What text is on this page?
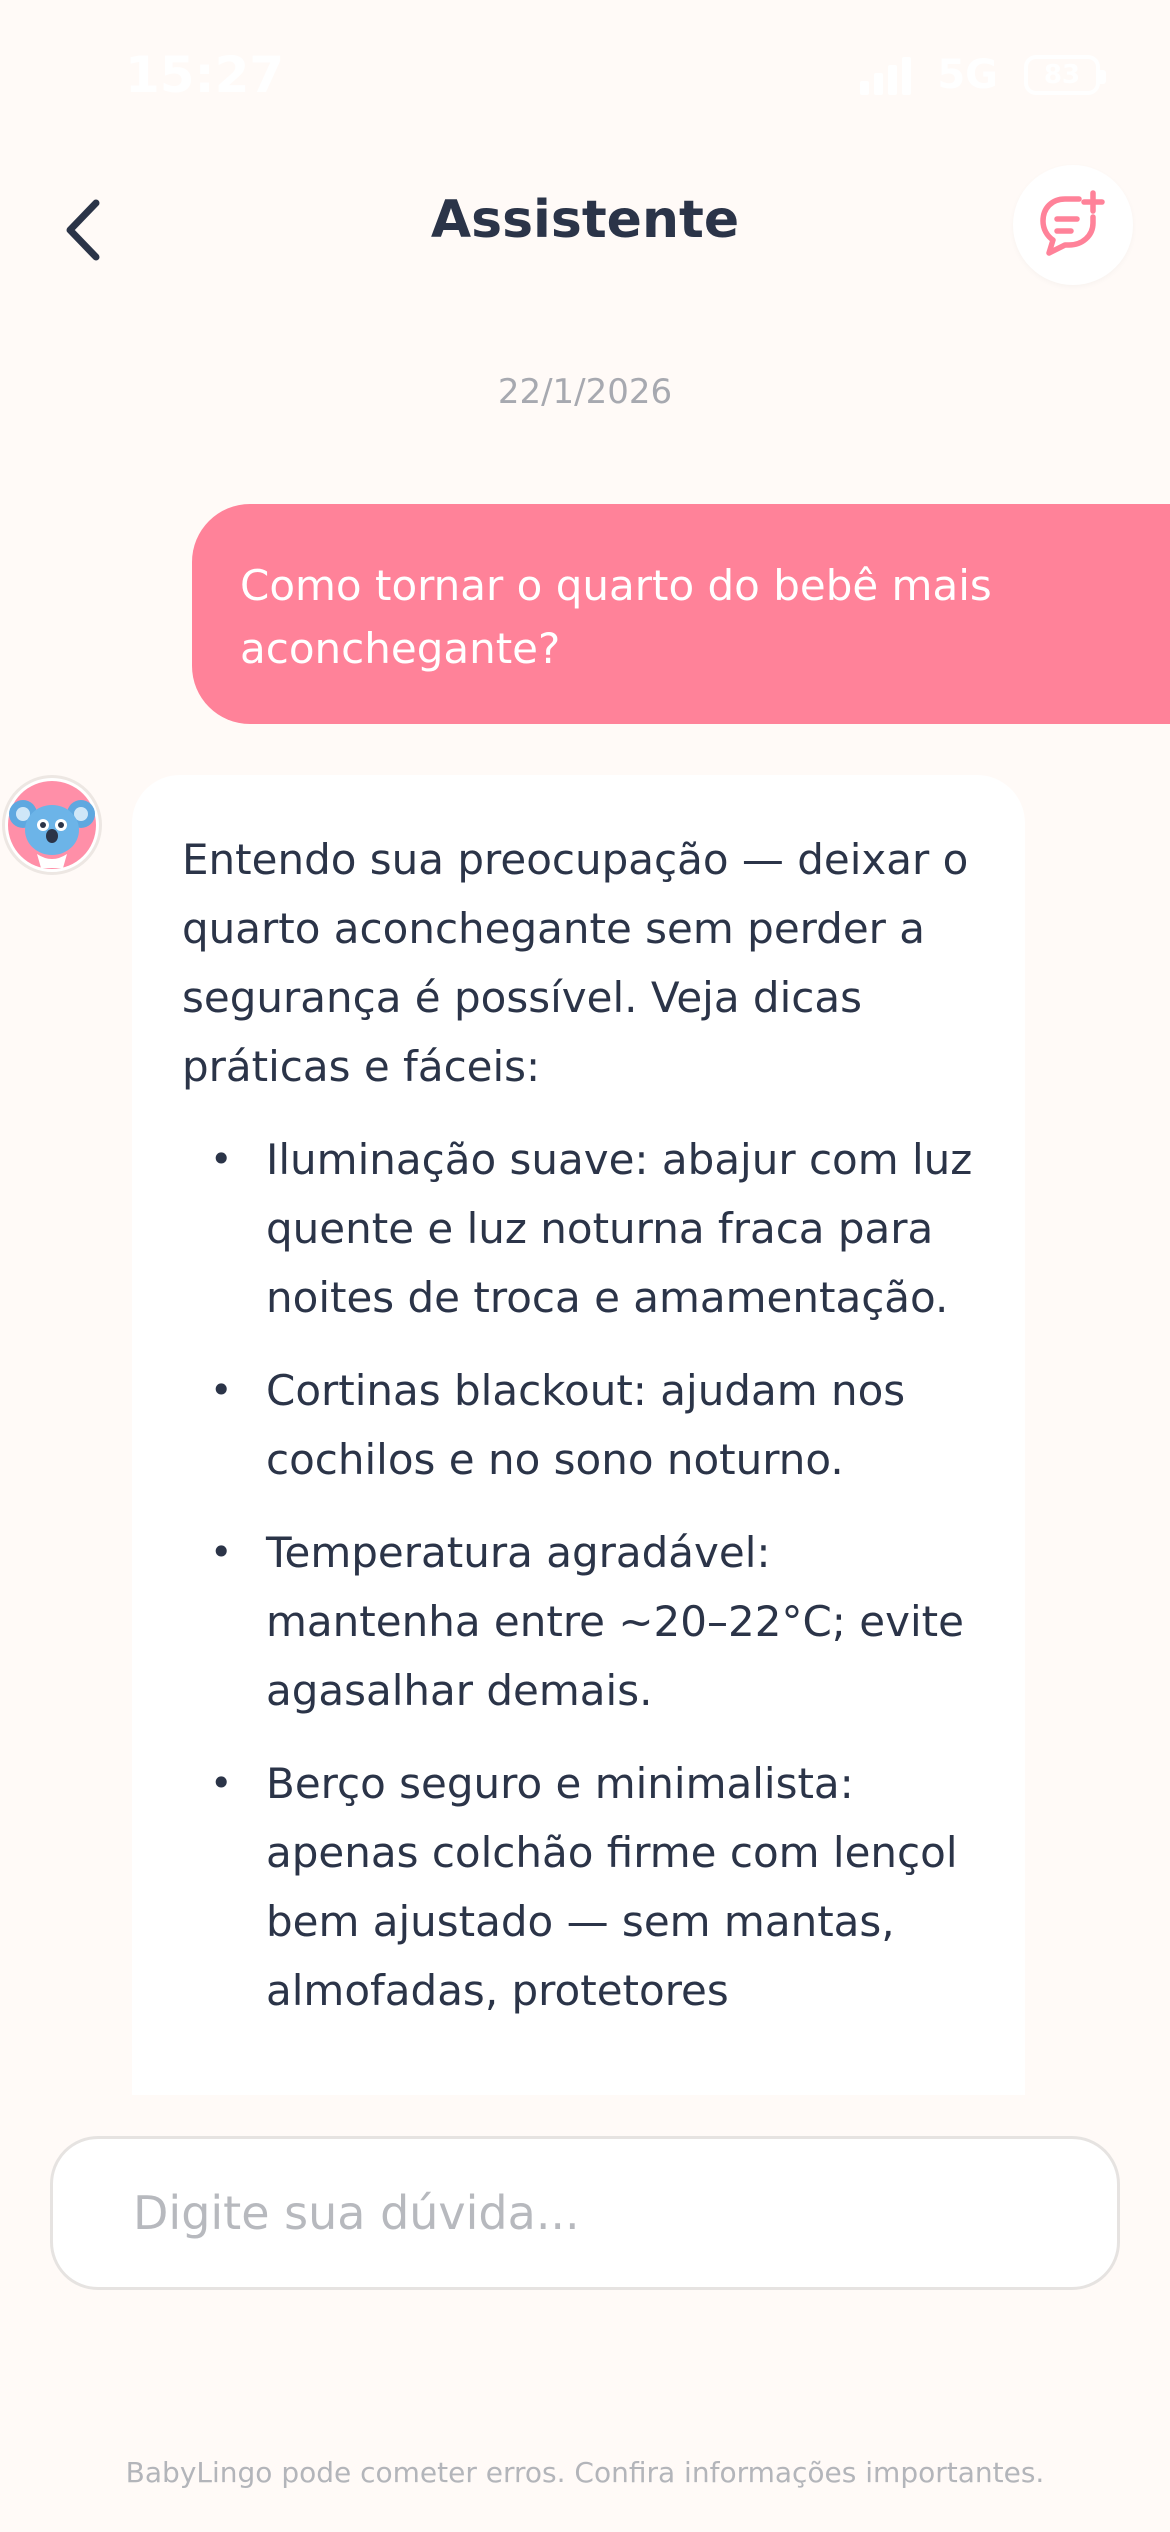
15:27	5G 83
Assistente
22/1/2026

Como tornar o quarto do bebê mais aconchegante?

Entendo sua preocupação — deixar o quarto aconchegante sem perder a segurança é possível. Veja dicas práticas e fáceis:

• Iluminação suave: abajur com luz quente e luz noturna fraca para noites de troca e amamentação.
• Cortinas blackout: ajudam nos cochilos e no sono noturno.
• Temperatura agradável: mantenha entre ~20–22°C; evite agasalhar demais.
• Berço seguro e minimalista: apenas colchão firme com lençol bem ajustado — sem mantas, almofadas, protetores
Digite sua dúvida...

BabyLingo pode cometer erros. Confira informações importantes.
